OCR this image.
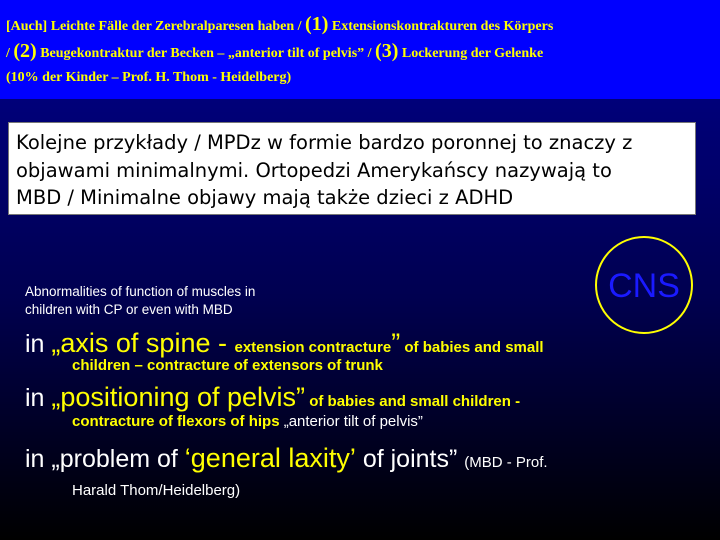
[Auch] Leichte Fälle der Zerebralparesen haben / (1) Extensionskontrakturen des Körpers
/ (2) Beugekontraktur der Becken – „anterior tilt of pelvis” / (3) Lockerung der Gelenke
(10% der Kinder – Prof. H. Thom - Heidelberg)
Kolejne przykłady / MPDz w formie bardzo poronnej to znaczy z
objawami minimalnymi. Ortopedzi Amerykańscy nazywają to
MBD / Minimalne objawy mają także dzieci z ADHD
CNS
Abnormalities of function of muscles in
children with CP or even with MBD
in „axis of spine - extension contracture” of babies and small
children – contracture of extensors of trunk
in „positioning of pelvis” of babies and small children -
contracture of flexors of hips „anterior tilt of pelvis”
in „problem of ‘general laxity’ of joints” (MBD - Prof.
Harald Thom/Heidelberg)
